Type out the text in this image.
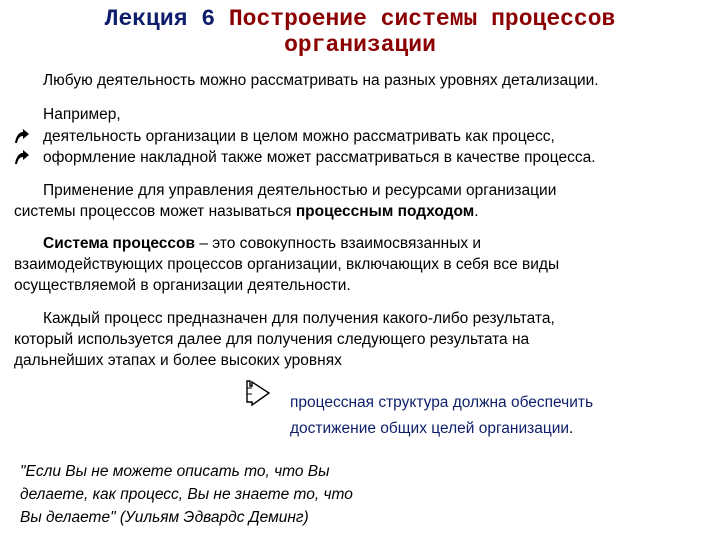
Лекция 6 Построение системы процессов
организации

Любую деятельность можно рассматривать на разных уровнях детализации.

Например,

деятельность организации в целом можно рассматривать как процесс,

оформление накладной также может рассматриваться в качестве процесса.

Применение для управления деятельностью и ресурсами организации
системы процессов может называться процессным подходом.
Система процессов – это совокупность взаимосвязанных и
взаимодействующих процессов организации, включающих в себя все виды
осуществляемой в организации деятельности.
Каждый процесс предназначен для получения какого-либо результата,
который используется далее для получения следующего результата на
дальнейших этапах и более высоких уровнях
процессная структура должна обеспечить
достижение общих целей организации.
"Если Вы не можете описать то, что Вы
делаете, как процесс, Вы не знаете то, что
Вы делаете" (Уильям Эдвардс Деминг)
